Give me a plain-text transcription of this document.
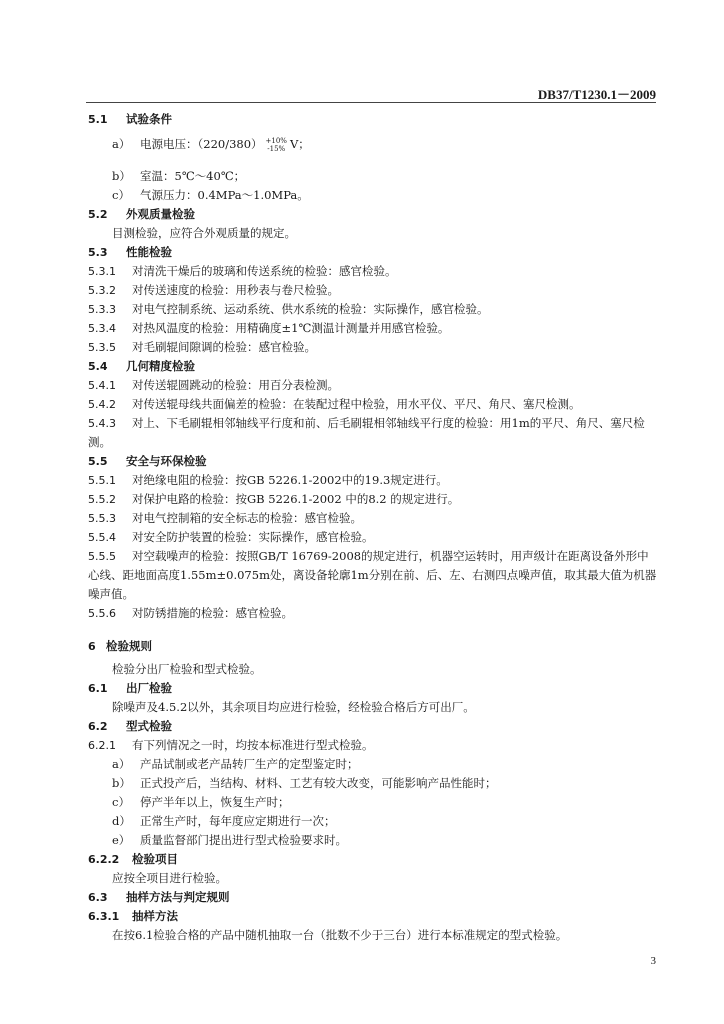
DB37/T1230.1－2009
5.1 试验条件
a） 电源电压：（220/380） +10%
-15% V；
b） 室温：5℃～40℃；
c） 气源压力：0.4MPa～1.0MPa。
5.2 外观质量检验
目测检验，应符合外观质量的规定。
5.3 性能检验
5.3.1 对清洗干燥后的玻璃和传送系统的检验：感官检验。
5.3.2 对传送速度的检验：用秒表与卷尺检验。
5.3.3 对电气控制系统、运动系统、供水系统的检验：实际操作，感官检验。
5.3.4 对热风温度的检验：用精确度±1℃测温计测量并用感官检验。
5.3.5 对毛刷辊间隙调的检验：感官检验。
5.4 几何精度检验
5.4.1 对传送辊圆跳动的检验：用百分表检测。
5.4.2 对传送辊母线共面偏差的检验：在装配过程中检验，用水平仪、平尺、角尺、塞尺检测。
5.4.3 对上、下毛刷辊相邻轴线平行度和前、后毛刷辊相邻轴线平行度的检验：用1m的平尺、角尺、塞尺检测。
5.5 安全与环保检验
5.5.1 对绝缘电阻的检验：按GB 5226.1-2002中的19.3规定进行。
5.5.2 对保护电路的检验：按GB 5226.1-2002 中的8.2 的规定进行。
5.5.3 对电气控制箱的安全标志的检验：感官检验。
5.5.4 对安全防护装置的检验：实际操作，感官检验。
5.5.5 对空载噪声的检验：按照GB/T 16769-2008的规定进行，机器空运转时，用声级计在距离设备外形中心线、距地面高度1.55m±0.075m处，离设备轮廓1m分别在前、后、左、右测四点噪声值，取其最大值为机器噪声值。
5.5.6 对防锈措施的检验：感官检验。
6 检验规则
检验分出厂检验和型式检验。
6.1 出厂检验
除噪声及4.5.2以外，其余项目均应进行检验，经检验合格后方可出厂。
6.2 型式检验
6.2.1 有下列情况之一时，均按本标准进行型式检验。
a） 产品试制或老产品转厂生产的定型鉴定时；
b） 正式投产后，当结构、材料、工艺有较大改变，可能影响产品性能时；
c） 停产半年以上，恢复生产时；
d） 正常生产时，每年度应定期进行一次；
e） 质量监督部门提出进行型式检验要求时。
6.2.2 检验项目
应按全项目进行检验。
6.3 抽样方法与判定规则
6.3.1 抽样方法
在按6.1检验合格的产品中随机抽取一台（批数不少于三台）进行本标准规定的型式检验。
3
